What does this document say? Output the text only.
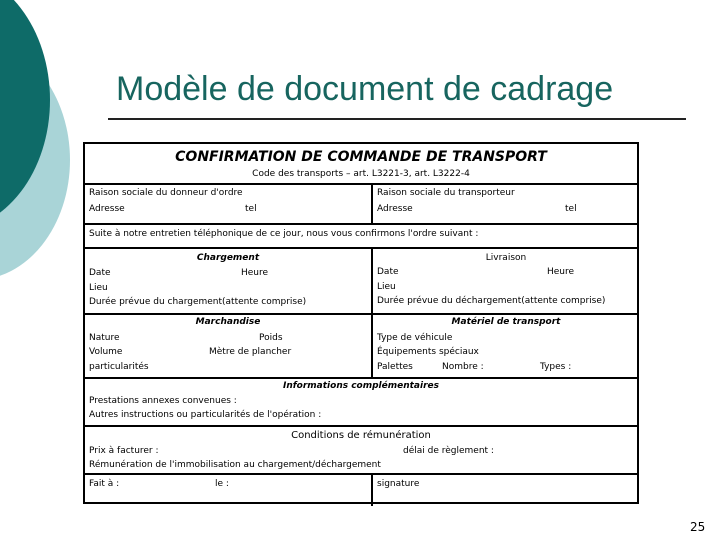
Modèle de document de cadrage
CONFIRMATION DE COMMANDE DE TRANSPORT
Code des transports – art. L3221-3, art. L3222-4
Raison sociale du donneur d'ordre
Adresse	tel
Raison sociale du transporteur
Adresse	tel
Suite à notre entretien téléphonique de ce jour, nous vous confirmons l'ordre suivant :
Chargement
Date	Heure
Lieu
Durée prévue du chargement(attente comprise)
Livraison
Date	Heure
Lieu
Durée prévue du déchargement(attente comprise)
Marchandise
Nature	Poids
Volume	Mètre de plancher
particularités
Matériel de transport
Type de véhicule
Équipements spéciaux
Palettes	Nombre :	Types :
Informations complémentaires
Prestations annexes convenues :
Autres instructions ou particularités de l'opération :
Conditions de rémunération
Prix à facturer :	délai de règlement :
Rémunération de l'immobilisation au chargement/déchargement
Fait à :	le :	signature
25
